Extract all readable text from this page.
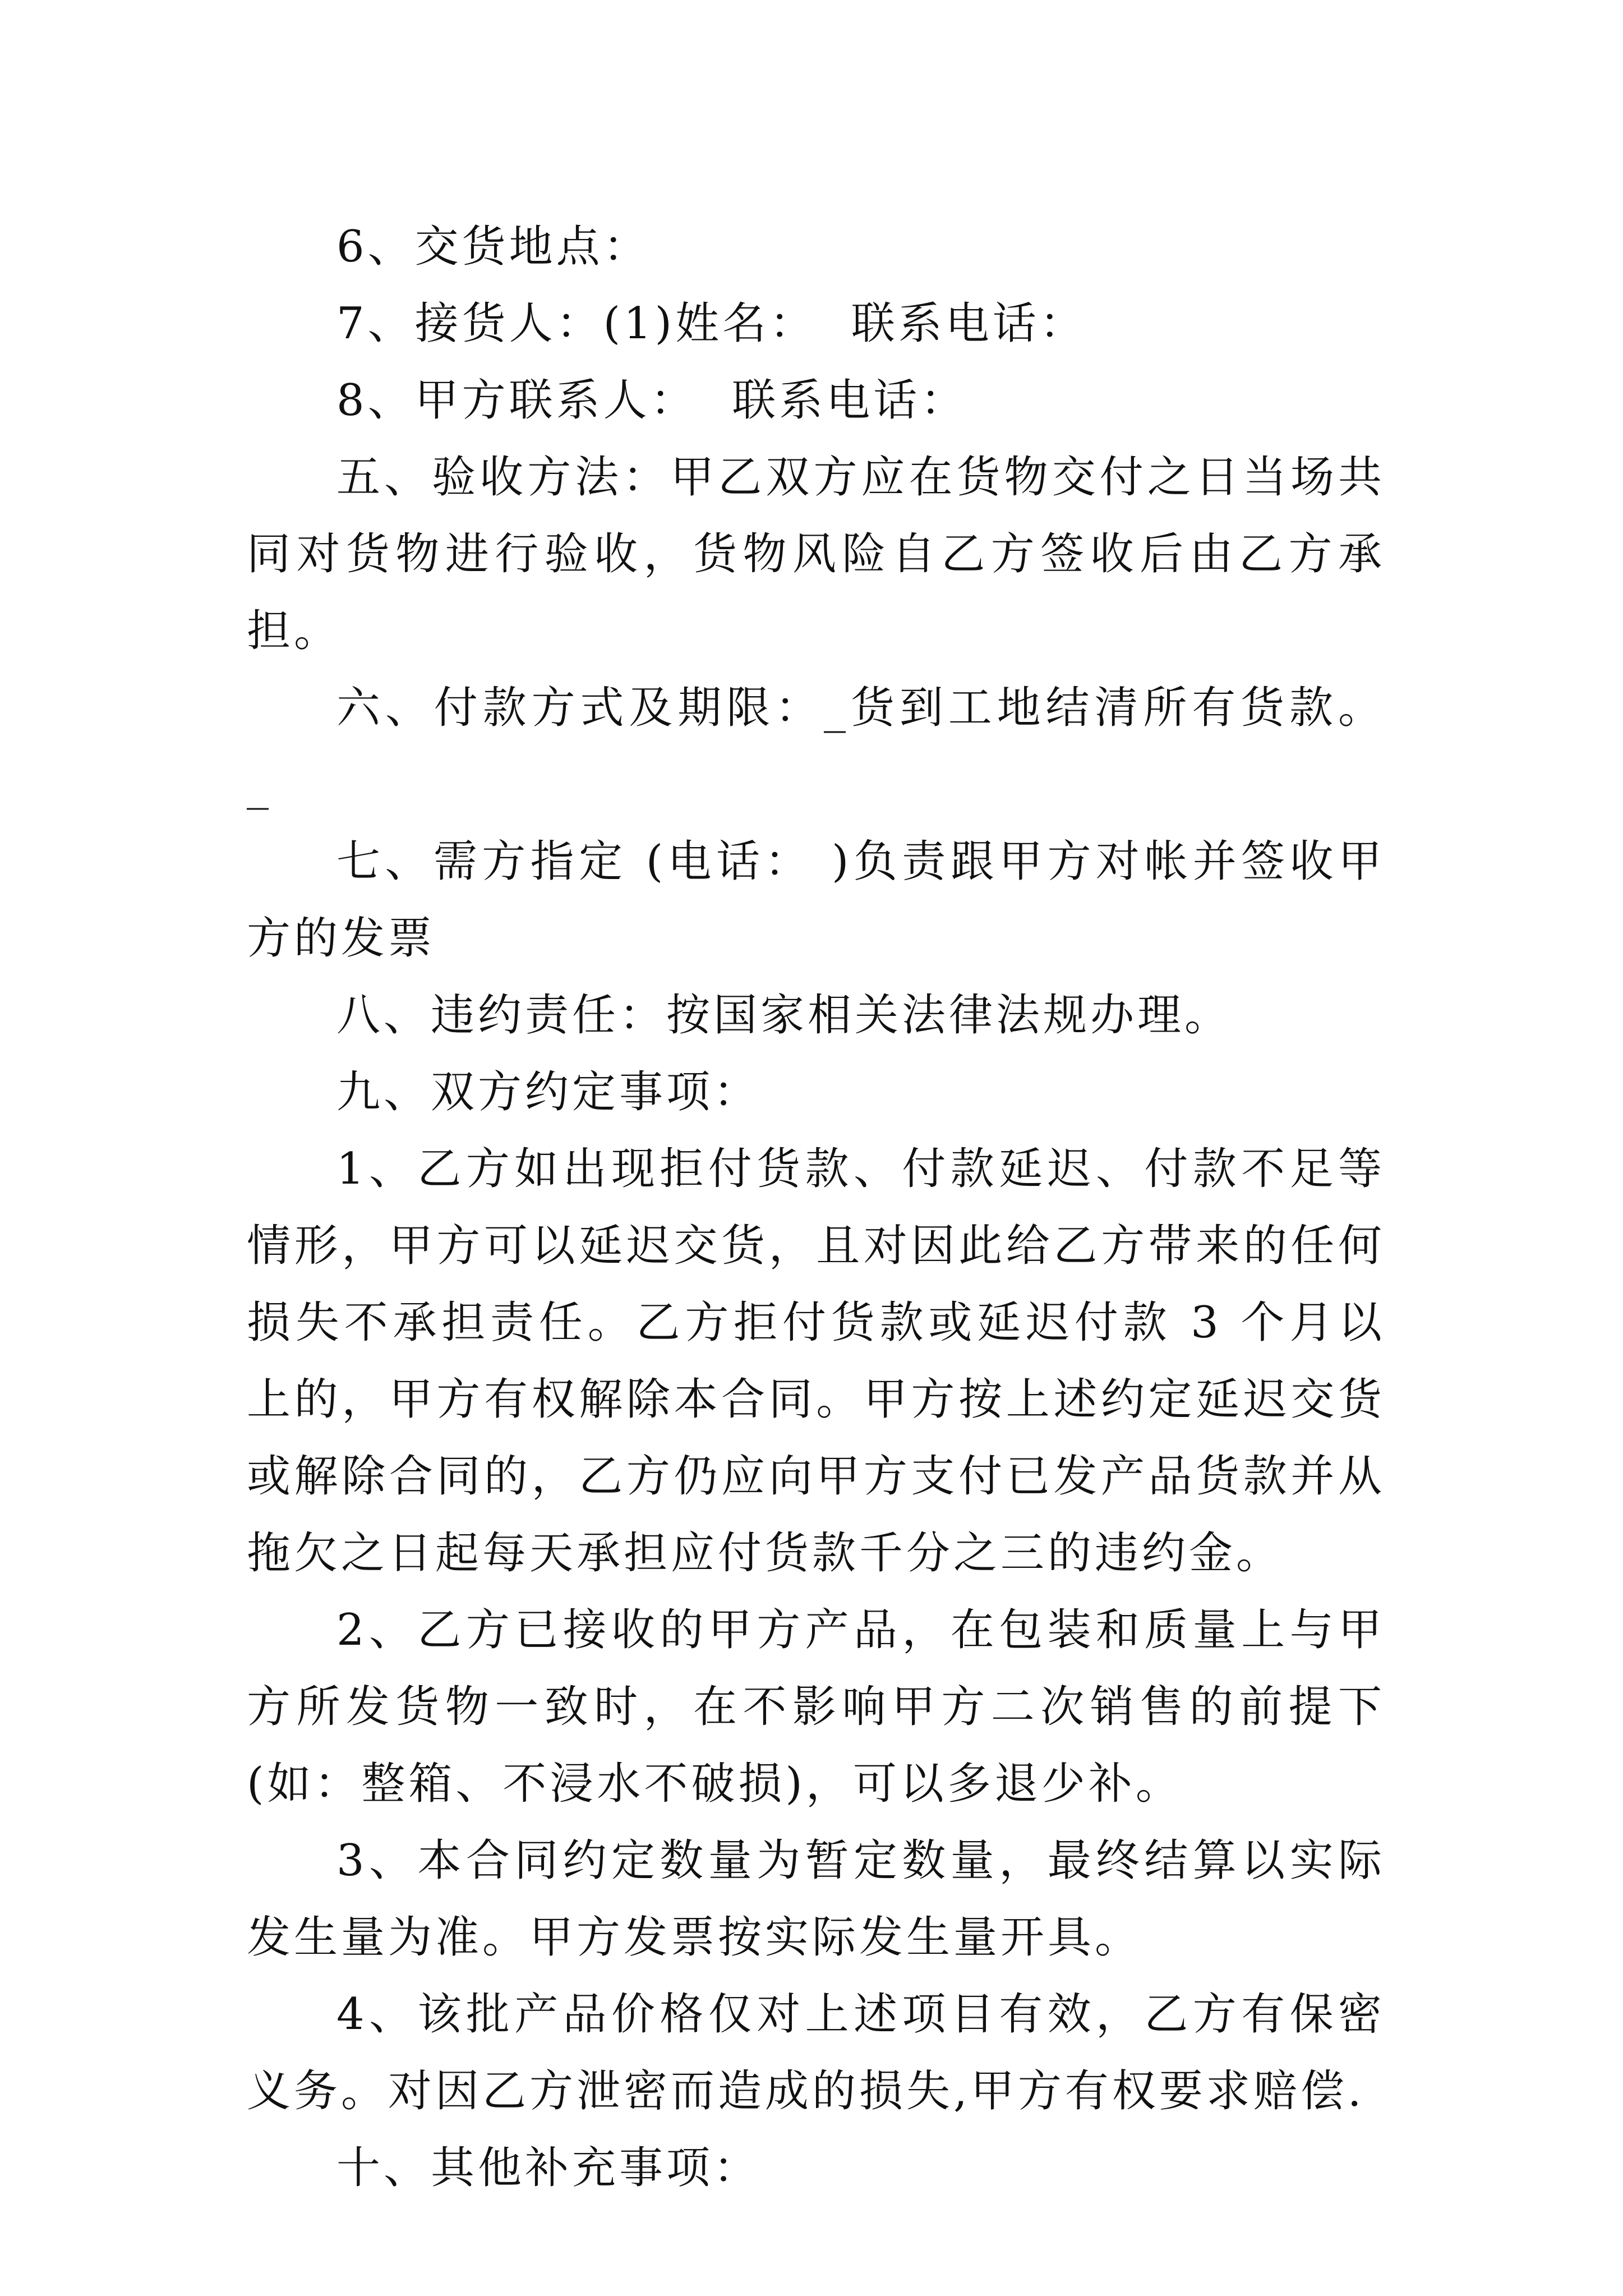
6、交货地点：

7、接货人：(1)姓名：  联系电话：

8、甲方联系人：  联系电话：

五、验收方法：甲乙双方应在货物交付之日当场共同对货物进行验收，货物风险自乙方签收后由乙方承担。

六、付款方式及期限：_货到工地结清所有货款。 _

七、需方指定 (电话： )负责跟甲方对帐并签收甲方的发票

八、违约责任：按国家相关法律法规办理。

九、双方约定事项：

1、乙方如出现拒付货款、付款延迟、付款不足等情形，甲方可以延迟交货，且对因此给乙方带来的任何损失不承担责任。乙方拒付货款或延迟付款 3 个月以上的，甲方有权解除本合同。甲方按上述约定延迟交货或解除合同的，乙方仍应向甲方支付已发产品货款并从拖欠之日起每天承担应付货款千分之三的违约金。

2、乙方已接收的甲方产品，在包装和质量上与甲方所发货物一致时，在不影响甲方二次销售的前提下(如：整箱、不浸水不破损)，可以多退少补。

3、本合同约定数量为暂定数量，最终结算以实际发生量为准。甲方发票按实际发生量开具。

4、该批产品价格仅对上述项目有效，乙方有保密义务。对因乙方泄密而造成的损失,甲方有权要求赔偿.

十、其他补充事项：
